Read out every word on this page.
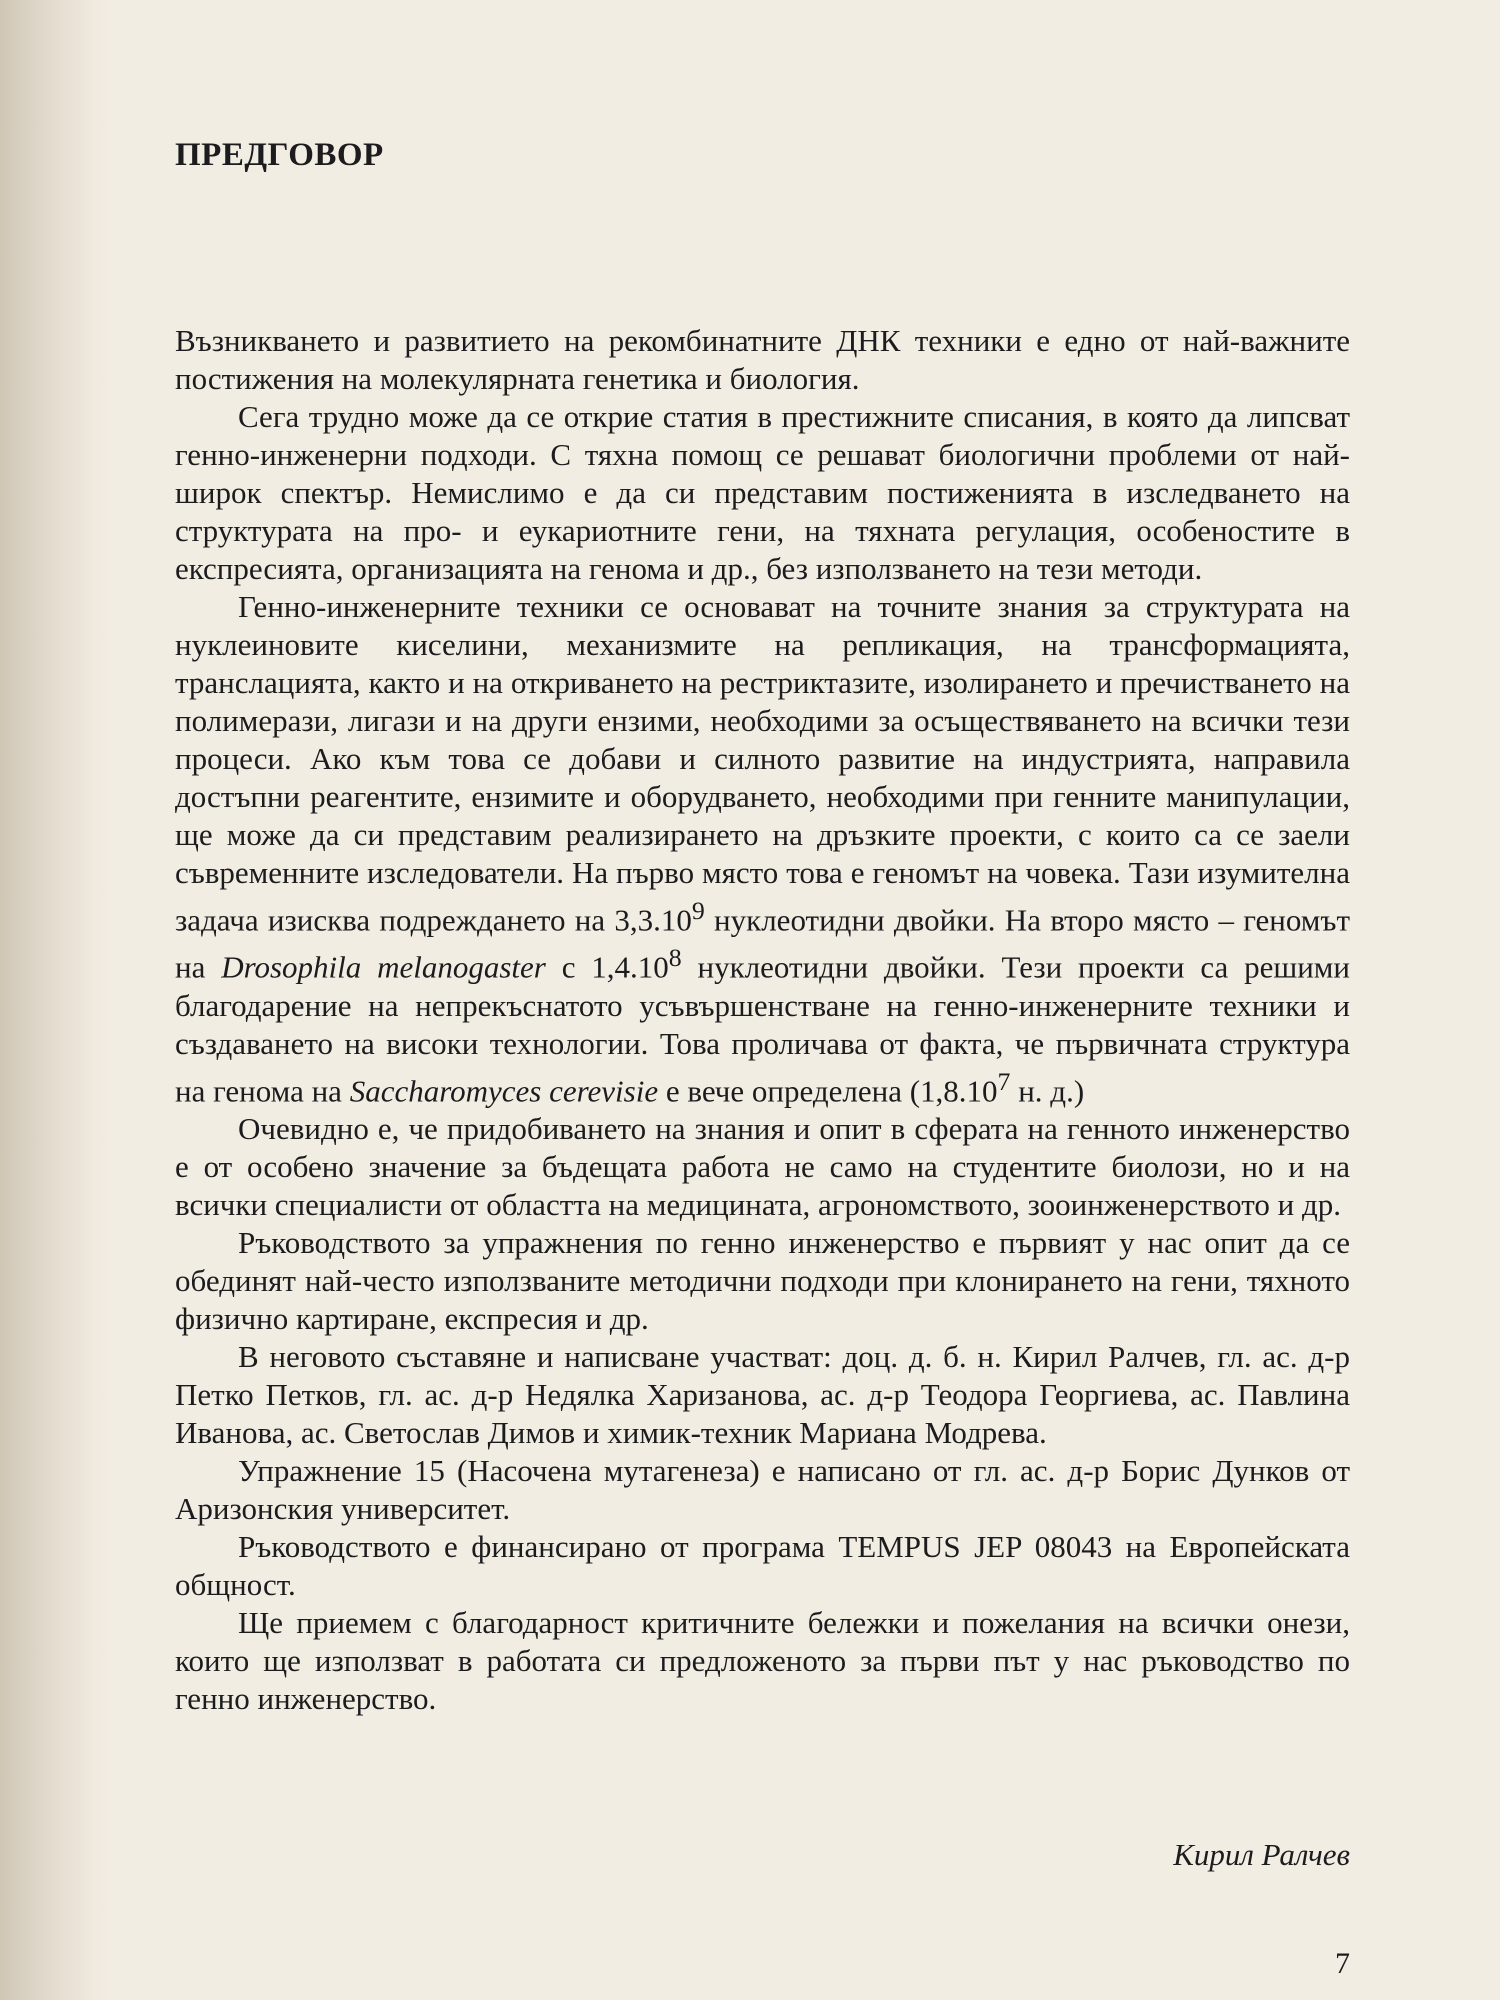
ПРЕДГОВОР

Възникването и развитието на рекомбинатните ДНК техники е едно от най-важните постижения на молекулярната генетика и биология.

Сега трудно може да се открие статия в престижните списания, в която да липсват генно-инженерни подходи. С тяхна помощ се решават биологични проблеми от най-широк спектър. Немислимо е да си представим постиженията в изследването на структурата на про- и еукариотните гени, на тяхната регулация, особеностите в експресията, организацията на генома и др., без използването на тези методи.

Генно-инженерните техники се основават на точните знания за структурата на нуклеиновите киселини, механизмите на репликация, на трансформацията, транслацията, както и на откриването на рестриктазите, изолирането и пречистването на полимерази, лигази и на други ензими, необходими за осъществяването на всички тези процеси. Ако към това се добави и силното развитие на индустрията, направила достъпни реагентите, ензимите и оборудването, необходими при генните манипулации, ще може да си представим реализирането на дръзките проекти, с които са се заели съвременните изследователи. На първо място това е геномът на човека. Тази изумителна задача изисква подреждането на 3,3.10$^9$ нуклеотидни двойки. На второ място – геномът на Drosophila melanogaster с 1,4.10$^8$ нуклеотидни двойки. Тези проекти са решими благодарение на непрекъснатото усъвършенстване на генно-инженерните техники и създаването на високи технологии. Това проличава от факта, че първичната структура на генома на Saccharomyces cerevisie е вече определена (1,8.10$^7$ н. д.)

Очевидно е, че придобиването на знания и опит в сферата на генното инженерство е от особено значение за бъдещата работа не само на студентите биолози, но и на всички специалисти от областта на медицината, агрономството, зооинженерството и др.

Ръководството за упражнения по генно инженерство е първият у нас опит да се обединят най-често използваните методични подходи при клонирането на гени, тяхното физично картиране, експресия и др.

В неговото съставяне и написване участват: доц. д. б. н. Кирил Ралчев, гл. ас. д-р Петко Петков, гл. ас. д-р Недялка Харизанова, ас. д-р Теодора Георгиева, ас. Павлина Иванова, ас. Светослав Димов и химик-техник Мариана Модрева.

Упражнение 15 (Насочена мутагенеза) е написано от гл. ас. д-р Борис Дунков от Аризонския университет.

Ръководството е финансирано от програма TEMPUS JEP 08043 на Европейската общност.

Ще приемем с благодарност критичните бележки и пожелания на всички онези, които ще използват в работата си предложеното за първи път у нас ръководство по генно инженерство.

Кирил Ралчев
7
